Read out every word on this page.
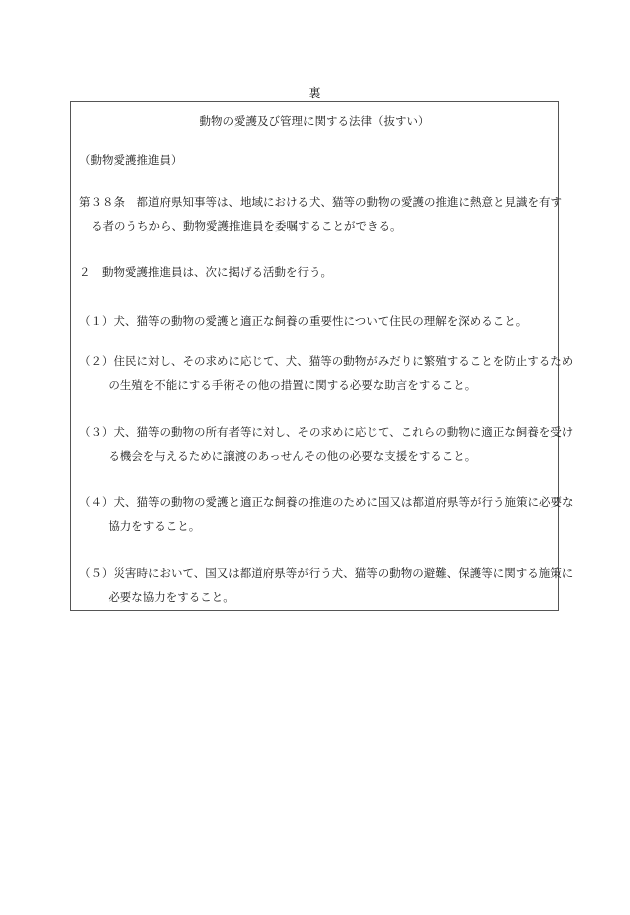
裏
動物の愛護及び管理に関する法律（抜すい）
（動物愛護推進員）
第３８条　都道府県知事等は、地域における犬、猫等の動物の愛護の推進に熱意と見識を有する者のうちから、動物愛護推進員を委嘱することができる。
２　動物愛護推進員は、次に掲げる活動を行う。
（１）犬、猫等の動物の愛護と適正な飼養の重要性について住民の理解を深めること。
（２）住民に対し、その求めに応じて、犬、猫等の動物がみだりに繁殖することを防止するための生殖を不能にする手術その他の措置に関する必要な助言をすること。
（３）犬、猫等の動物の所有者等に対し、その求めに応じて、これらの動物に適正な飼養を受ける機会を与えるために譲渡のあっせんその他の必要な支援をすること。
（４）犬、猫等の動物の愛護と適正な飼養の推進のために国又は都道府県等が行う施策に必要な協力をすること。
（５）災害時において、国又は都道府県等が行う犬、猫等の動物の避難、保護等に関する施策に必要な協力をすること。
